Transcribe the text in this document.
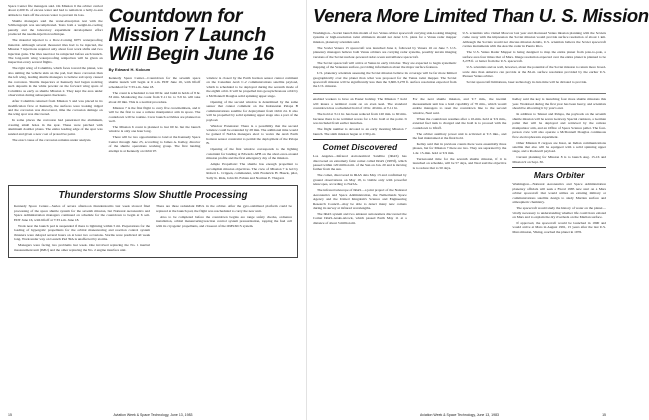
Space Center file managers said. On Mission 6 the orbiter carried about 2,200 lb. of excess water and had to remain in a belly-to-sun attitude to burn off the excess water to prevent its loss.

Shuttle managers said the water-absorption test with the Schlieragraph was uncomplicated. Tests both a weight-in-cooling penalty and the laboratory experiment development effort produced the needle-injection technique.

The material injected is a Dow-Corning 6075 waterproofing material. Although several thousand tiles had to be injected, the Mission 7 injections required only about four work shifts and two injection guns. The tiles need not be reinjected before each launch. The long-term wing waterproofing reinjection will be given an inspection every several flights.

The right wing of Columbia, which faces toward the planet, was also aiming the vehicle skin on the pad, had more corrosion than the left wing, leading shuttle managers to believe salt spray caused the corrosion. Shuttle inspectors at Kennedy had begun noticing such deposits in the white powder on the forward wing spars of Columbia as early as shuttle Mission 2. They kept the area under observation during subsequent checkouts.

After Columbia returned from Mission 5 and was placed in its modification flow at Kennedy, the surfaces were looking ridged and the corrosion was discovered, time the corrosion damage on the wing spar was discovered.

In some places the corrosion had penetrated the aluminum, creating small holes in the spar. These were patched with aluminum doubler plates. The entire leading edge of the spar was sanded and given a new coat of protective paint.

The exact cause of the corrosion remains under analysis.

Countdown for Mission 7 Launch Will Begin June 16
By Edward H. Kolcum

Kennedy Space Center—Countdown for the seventh space shuttle launch will begin at 6 a.m. EDT June 16, with liftoff scheduled for 7:33 a.m. June 18.

The count is scheduled to last 60 hr. and build in holds of 8 hr. 33 min. Monitoring the count from T-11 hr. to T-9 hr. will take about 20 min. This is a normal procedure.

Mission 7 is the first flight to carry five crewmembers, and it will be the first to use a remote manipulator arm in space. The countdown will be routine. Crew launch activities are planned as well.

The Mission 6 count is planned to last 60 hr. but the launch window is only one hour long.

There will be two opportunities to land at the Kennedy Space Center through June 25, according to James A. Kelley, director of the shuttle operations working group. The first landing attempt is at Kennedy on Orbit 97.

window is closed by the Earth horizon sensor cannot comment on the Canadian Arab C-2 communications satellite payload, which is scheduled to be deployed during the seventh mode of the eighth orbit. It will be propelled into geosynchronous orbit by a McDonnell Douglas solid spinning upper stage.

Opening of the second window is determined by the same sensor that cannot comment on the Indonesian Palapa B communications satellite for deployment from Orbit 24. It also will be propelled by solid spinning upper stage also a part of the payload.

Window Extension: There is a possibility that the second window could be extended by 28 min. The additional time would be gained if NASA managers elect to waive the Arab Earth horizon sensor constraint to permit the deployment of the Palapa B.

Opening of the first window corresponds to the lighting constraint for landing at Edwards AFB on the abort-once-around mission profile and the first emergency day of the mission.

Ample Propellant: The shuttle has enough propellant to accomplish mission objectives. The crew of Mission 7 is led by Robert L. Crippen, commander, with Frederick H. Hauck, pilot, Sally K. Ride, John M. Fabian and Norman E. Thagard.

Thunderstorms Slow Shuttle Processing

Kennedy Space Center—Series of severe afternoon thunderstorms last week slowed final processing of the space shuttle system for the seventh mission, but National Aeronautics and Space Administration managers continued on schedule for the countdown to begin at 6 a.m. EDT June 16, with liftoff at 7:33 a.m. June 18.

Work near the launch pad is suspended if there is lightning within 5 mi. Preparations for the loading of hypergolic propellants for the orbital maneuvering and reaction control system thrusters were delayed several hours on at least two occasions. Storms were predicted all week long. Work under way on Launch Pad 39A is unaffected by storms.

Managers were facing two problems last week. One involved replacing the No. 1 inertial measurement unit (IMU) and the other replacing the No. 2 engine interface unit.

There are three redundant IMUs in the orbiter. After the gyro-stabilized platform could be replaced at the launch pad, the flight was rescheduled to carry the new unit.

Also to be completed before the countdown begins are range safety checks, ordnance installation, orbital maneuvering/reaction control system pressurization, topping the fuel cell with its cryogenic propellants, and closeout of the OMS/RCS system.

15	Aviation Week & Space Technology, June 13, 1983
Venera More Limited Than U. S. Mission

Washington—Soviet launch this month of two Venus orbiter spacecraft carrying side-looking imaging systems or high-resolution radar altimeters should not deter U.S. plans for a Venus radar mapper mission, planetary scientists said.

The Soviet Venera 15 spacecraft was launched June 2, followed by Venera 16 on June 7. U.S. planetary managers believe both Venus orbiters are carrying radar systems, possibly terrain imaging versions of the Soviet nuclear-powered radar ocean surveillance spacecraft.

The Soviet spacecraft will arrive at Venus in early October. They are expected to begin systematic mapping of the Venusian surface, providing information about the major surface features.

U.S. planetary scientists assessing the Soviet mission believe its coverage will be far more limited geographically over the planet than what was proposed for the Venus radar mapper. The Soviet spacecraft mission will be significantly less than the 3,600-3,278 ft. surface resolution expected from the U.S. mission.

U.S. scientists who visited Moscow last year and discussed Venus mission planning with the Soviets came away with the impression the Soviet mission would provide surface resolution of about 1 km. Although the Soviets would not discuss mission details, U.S. scientists believe the Soviet spacecraft carries instruments with the Arecibo radar in Puerto Rico.

The U.S. Venus Radar Mapper is being designed to map the entire planet from pole-to-pole, a surface area four times that of Mars. Image resolution expected over the entire planet is planned to be 3,278 ft. or better from the U.S. spacecraft.

U.S. scientists and as well, however, about the potential of the Soviet mission to return more broad-scale data than America can provide at the 82-m. surface resolution provided by the earlier U.S. Pioneer Venus orbiter.

Soviet spacecraft limitations, laser technology in data time will be dictated to provide.

enabled workers to have an Easter holiday. The Mission 7 hold will insure a terminal count on an even keel. The standard countdown has a scheduled hold of 10 hr. 40 min. at T-11 hr.

The hold at T-11 hr. has been reduced from 120 min. to 60 min. because there is no terminal recess for a 3-hr. hold at the point. It was included from earlier launches.

The flight number is devoted to an early morning Mission 7 launch. The sixth mission began at 1:30 p.m.

Comet Discovered

Los Angeles—Infrared Astronomical Satellite (IRAS) has discovered an extremely faint comet called IRAS (1983f), which passed within 120 million mi. of the Sun on Jan. 20 and is moving farther from the sun.

The comet, discovered in IRAS data May 13 and confirmed by ground observations on May 18, is visible only with powerful telescopes, according to NASA.

The infrared telescope of IRAS—a joint project of the National Aeronautics and Space Administration, the Netherlands Space Agency and the United Kingdom's Science and Engineering Research Council—may be able to detect many new comets during its survey at infrared wavelengths.

The IRAS system and two amateur astronomers discovered the Comet IRAS-Araki-Alcock, which passed Earth May 11 at a distance of about 3 million mi.

For the next shuttle mission, and T-7 min., the inertial measurement unit has a hold capability of 70 min., which would enable managers to reset the countdown line to the second window, Neal said.

When the countdown resumes after a 10-min. hold at T-9 min., external fuel tank is charged and the hold is to proceed with the countdown to liftoff.

The orbiter auxiliary power unit is activated at T-5 min., and the fuel maintained at the final hold.

Kelley said that in previous counts there were essentially three phases, but for Mission 7 there are two. They are separated by the 1-hr. 15-min. hold at T-9 min.

Turnaround time for the seventh shuttle mission, if it is launched on schedule, will be 57 days, and Neal said the objective is to reduce that to 50 days.

Kelley said the key is launching four more shuttle missions this year. Workload during the first year has been heavy, and scientists should be allocating it by year's end.

In addition to Telesat and Palapa, the payloads on the seventh shuttle mission will be seven Getaway Special canisters, a German pallet that will be deployed and retrieved by the remote manipulator arm, and an Office of Space Science pallet. The four-person crew will also operate a McDonnell Douglas continuous flow electrophoresis experiment.

Other Mission 8 cargoes are Insat, an Indian communications satellite that also will be equipped with a solid spinning upper stage, and a Rockwell payload.

Current planning for Mission 8 is to launch Aug. 15-16 and Mission 9 on Sept. 30.

Mars Orbiter

Washington—National Aeronautics and Space Administration planetary officials will seek a Fiscal 1985 new start on a Mars orbiter spacecraft that would utilize an existing military or communications satellite design to study Martian surface and atmospheric chemistry.

The spacecraft would study the history of water on the planet—vitally necessary to understanding whether life could have existed on Mars and to explain the dry riverbeds on the Martian surface.

If approved, the spacecraft would be launched in 1990 and would arrive at Mars in August 1991, 15 years after the last U.S. Mars mission, Viking, reached the planet in 1976.

Aviation Week & Space Technology, June 13, 1983	15
